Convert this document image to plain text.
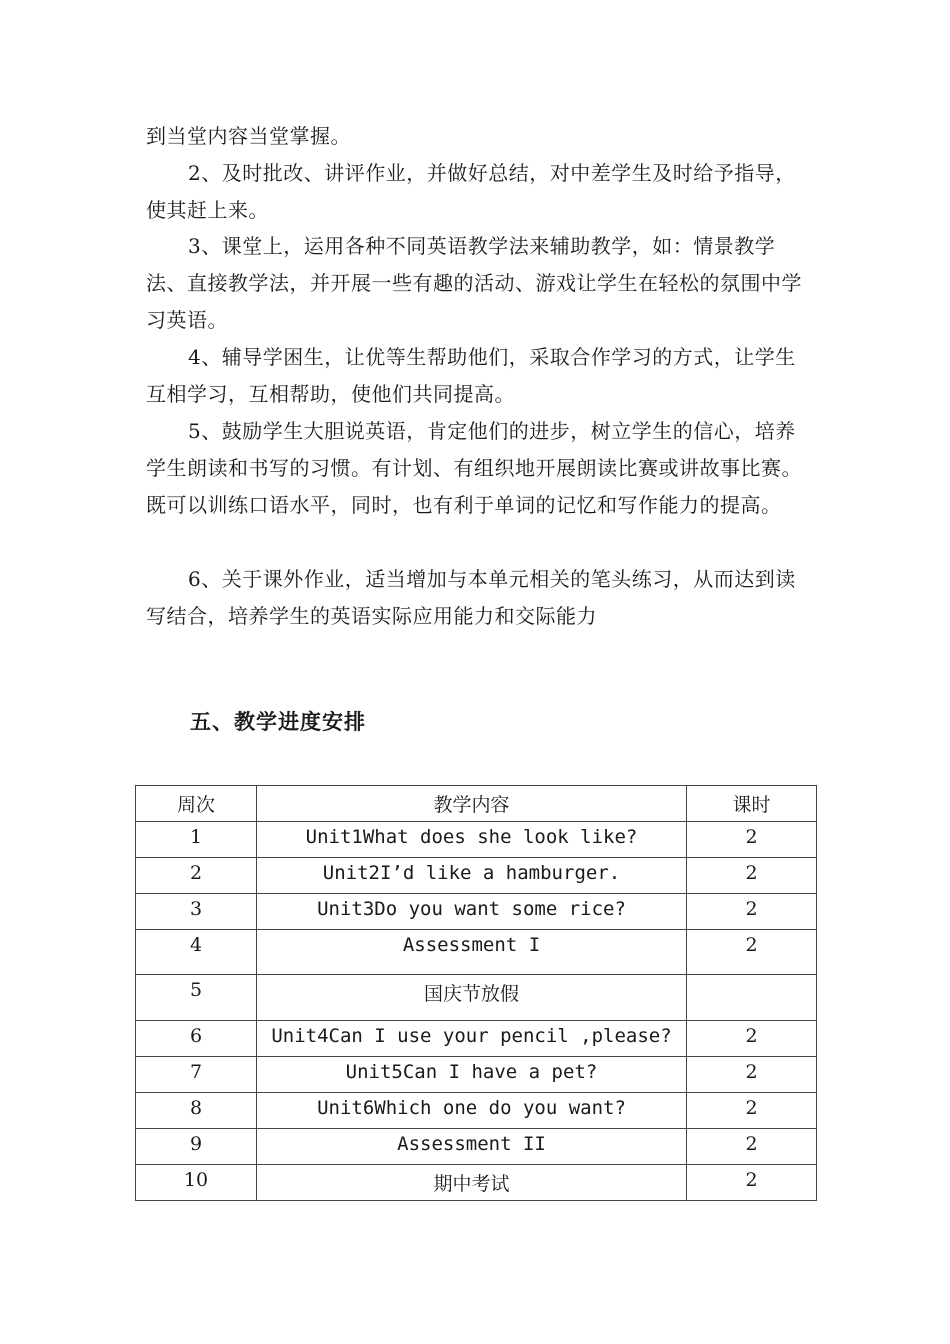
到当堂内容当堂掌握。

2、及时批改、讲评作业，并做好总结，对中差学生及时给予指导，使其赶上来。

3、课堂上，运用各种不同英语教学法来辅助教学，如：情景教学法、直接教学法，并开展一些有趣的活动、游戏让学生在轻松的氛围中学习英语。

4、辅导学困生，让优等生帮助他们，采取合作学习的方式，让学生互相学习，互相帮助，使他们共同提高。

5、鼓励学生大胆说英语，肯定他们的进步，树立学生的信心，培养学生朗读和书写的习惯。有计划、有组织地开展朗读比赛或讲故事比赛。既可以训练口语水平，同时，也有利于单词的记忆和写作能力的提高。

6、关于课外作业，适当增加与本单元相关的笔头练习，从而达到读写结合，培养学生的英语实际应用能力和交际能力

五、教学进度安排
周次	教学内容	课时
1	Unit1What does she look like?	2
2	Unit2I’d like a hamburger.	2
3	Unit3Do you want some rice?	2
4	Assessment I	2
5	国庆节放假	
6	Unit4Can I use your pencil ,please?	2
7	Unit5Can I have a pet?	2
8	Unit6Which one do you want?	2
9	Assessment II	2
10	期中考试	2
